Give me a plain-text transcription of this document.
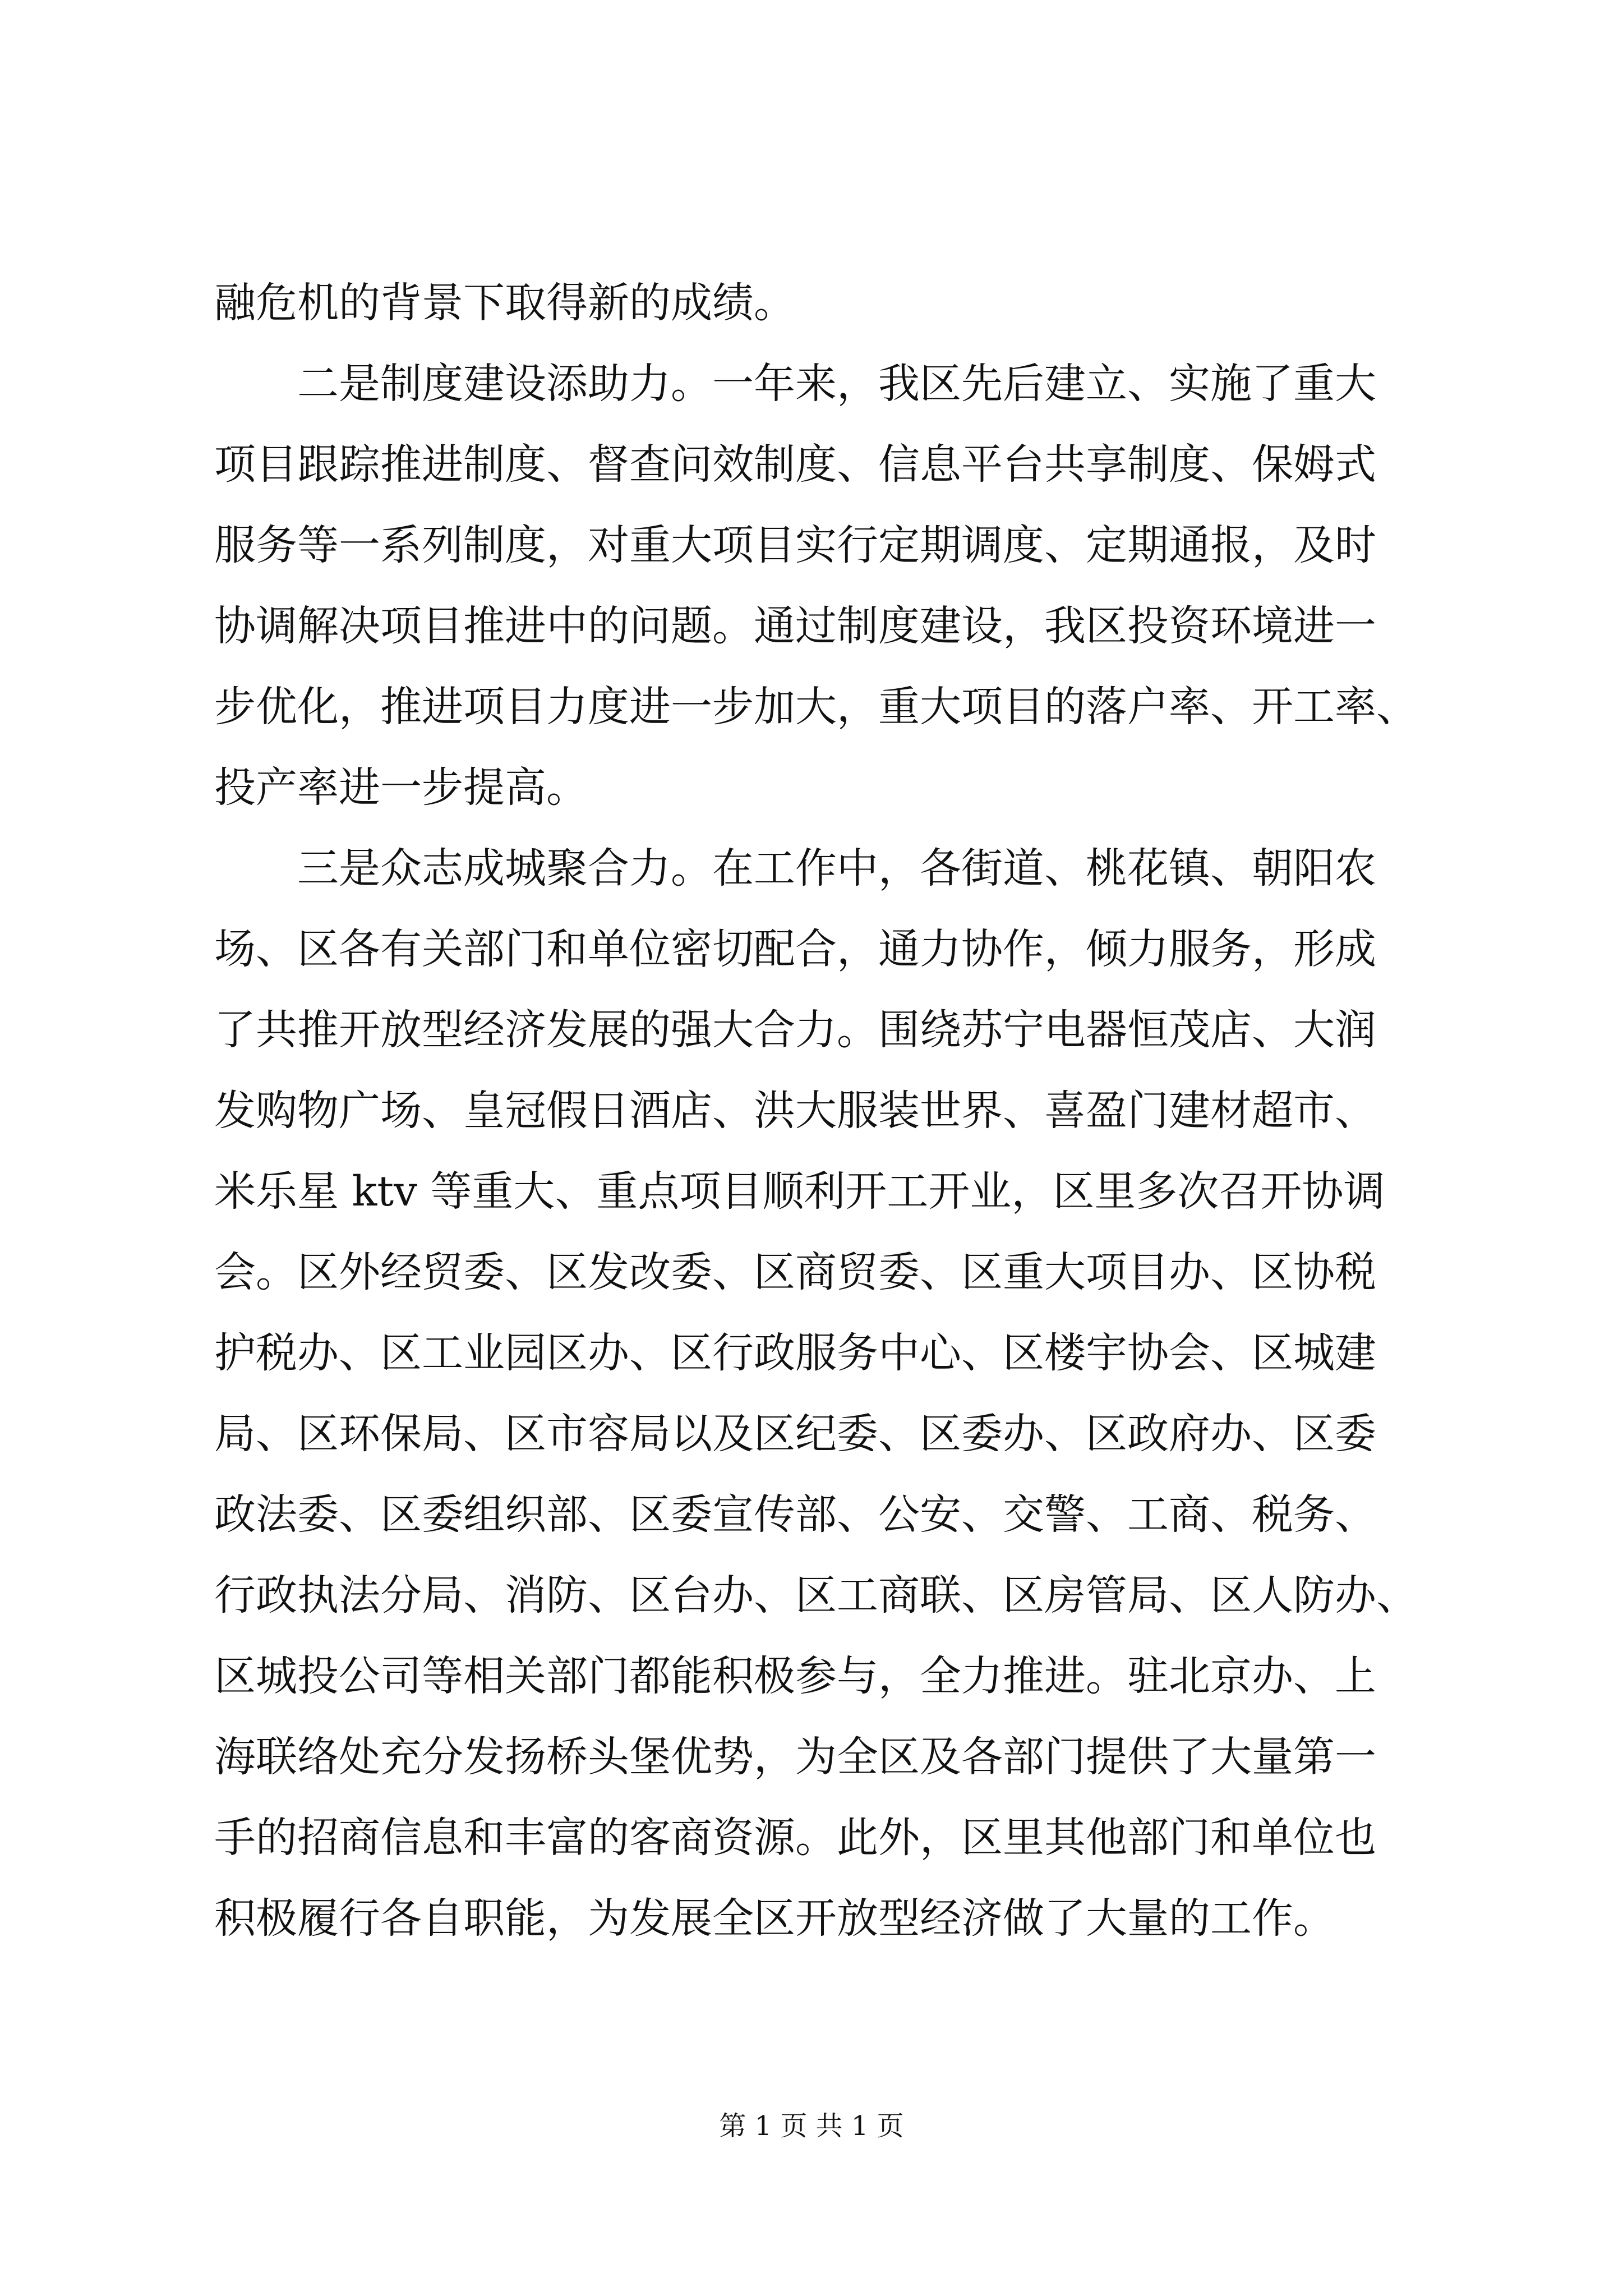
融危机的背景下取得新的成绩。
二是制度建设添助力。一年来，我区先后建立、实施了重大
项目跟踪推进制度、督查问效制度、信息平台共享制度、保姆式
服务等一系列制度，对重大项目实行定期调度、定期通报，及时
协调解决项目推进中的问题。通过制度建设，我区投资环境进一
步优化，推进项目力度进一步加大，重大项目的落户率、开工率、
投产率进一步提高。
三是众志成城聚合力。在工作中，各街道、桃花镇、朝阳农
场、区各有关部门和单位密切配合，通力协作，倾力服务，形成
了共推开放型经济发展的强大合力。围绕苏宁电器恒茂店、大润
发购物广场、皇冠假日酒店、洪大服装世界、喜盈门建材超市、
米乐星 ktv 等重大、重点项目顺利开工开业，区里多次召开协调
会。区外经贸委、区发改委、区商贸委、区重大项目办、区协税
护税办、区工业园区办、区行政服务中心、区楼宇协会、区城建
局、区环保局、区市容局以及区纪委、区委办、区政府办、区委
政法委、区委组织部、区委宣传部、公安、交警、工商、税务、
行政执法分局、消防、区台办、区工商联、区房管局、区人防办、
区城投公司等相关部门都能积极参与，全力推进。驻北京办、上
海联络处充分发扬桥头堡优势，为全区及各部门提供了大量第一
手的招商信息和丰富的客商资源。此外，区里其他部门和单位也
积极履行各自职能，为发展全区开放型经济做了大量的工作。
第 1 页 共 1 页
